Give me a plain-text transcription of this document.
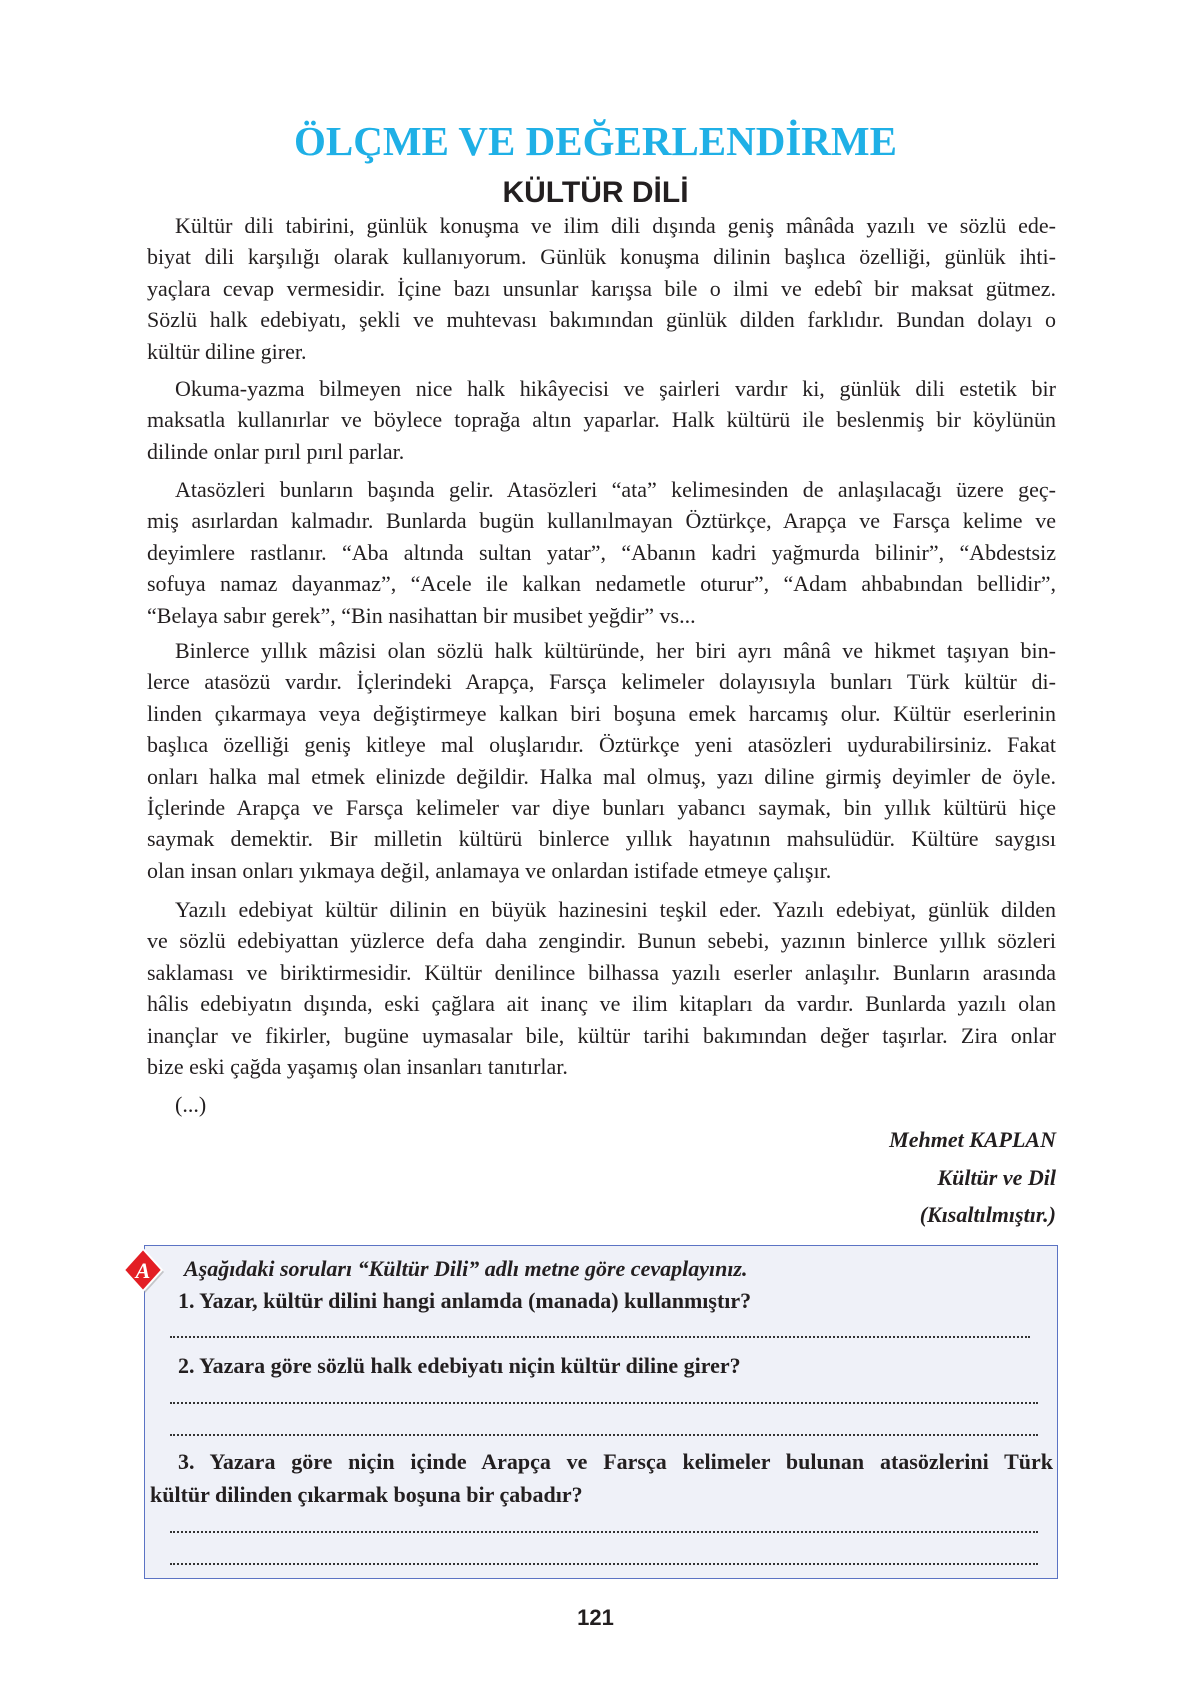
ÖLÇME VE DEĞERLENDİRME
KÜLTÜR DİLİ
Kültür dili tabirini, günlük konuşma ve ilim dili dışında geniş mânâda yazılı ve sözlü ede-
biyat dili karşılığı olarak kullanıyorum. Günlük konuşma dilinin başlıca özelliği, günlük ihti-
yaçlara cevap vermesidir. İçine bazı unsunlar karışsa bile o ilmi ve edebî bir maksat gütmez.
Sözlü halk edebiyatı, şekli ve muhtevası bakımından günlük dilden farklıdır. Bundan dolayı o
kültür diline girer.
Okuma-yazma bilmeyen nice halk hikâyecisi ve şairleri vardır ki, günlük dili estetik bir
maksatla kullanırlar ve böylece toprağa altın yaparlar. Halk kültürü ile beslenmiş bir köylünün
dilinde onlar pırıl pırıl parlar.
Atasözleri bunların başında gelir. Atasözleri “ata” kelimesinden de anlaşılacağı üzere geç-
miş asırlardan kalmadır. Bunlarda bugün kullanılmayan Öztürkçe, Arapça ve Farsça kelime ve
deyimlere rastlanır. “Aba altında sultan yatar”, “Abanın kadri yağmurda bilinir”, “Abdestsiz
sofuya namaz dayanmaz”, “Acele ile kalkan nedametle oturur”, “Adam ahbabından bellidir”,
“Belaya sabır gerek”, “Bin nasihattan bir musibet yeğdir” vs...
Binlerce yıllık mâzisi olan sözlü halk kültüründe, her biri ayrı mânâ ve hikmet taşıyan bin-
lerce atasözü vardır. İçlerindeki Arapça, Farsça kelimeler dolayısıyla bunları Türk kültür di-
linden çıkarmaya veya değiştirmeye kalkan biri boşuna emek harcamış olur. Kültür eserlerinin
başlıca özelliği geniş kitleye mal oluşlarıdır. Öztürkçe yeni atasözleri uydurabilirsiniz. Fakat
onları halka mal etmek elinizde değildir. Halka mal olmuş, yazı diline girmiş deyimler de öyle.
İçlerinde Arapça ve Farsça kelimeler var diye bunları yabancı saymak, bin yıllık kültürü hiçe
saymak demektir. Bir milletin kültürü binlerce yıllık hayatının mahsulüdür. Kültüre saygısı
olan insan onları yıkmaya değil, anlamaya ve onlardan istifade etmeye çalışır.
Yazılı edebiyat kültür dilinin en büyük hazinesini teşkil eder. Yazılı edebiyat, günlük dilden
ve sözlü edebiyattan yüzlerce defa daha zengindir. Bunun sebebi, yazının binlerce yıllık sözleri
saklaması ve biriktirmesidir. Kültür denilince bilhassa yazılı eserler anlaşılır. Bunların arasında
hâlis edebiyatın dışında, eski çağlara ait inanç ve ilim kitapları da vardır. Bunlarda yazılı olan
inançlar ve fikirler, bugüne uymasalar bile, kültür tarihi bakımından değer taşırlar. Zira onlar
bize eski çağda yaşamış olan insanları tanıtırlar.
(...)
Mehmet KAPLAN
Kültür ve Dil
(Kısaltılmıştır.)
A Aşağıdaki soruları “Kültür Dili” adlı metne göre cevaplayınız.
1. Yazar, kültür dilini hangi anlamda (manada) kullanmıştır?
2. Yazara göre sözlü halk edebiyatı niçin kültür diline girer?
3. Yazara göre niçin içinde Arapça ve Farsça kelimeler bulunan atasözlerini Türk
kültür dilinden çıkarmak boşuna bir çabadır?
121
